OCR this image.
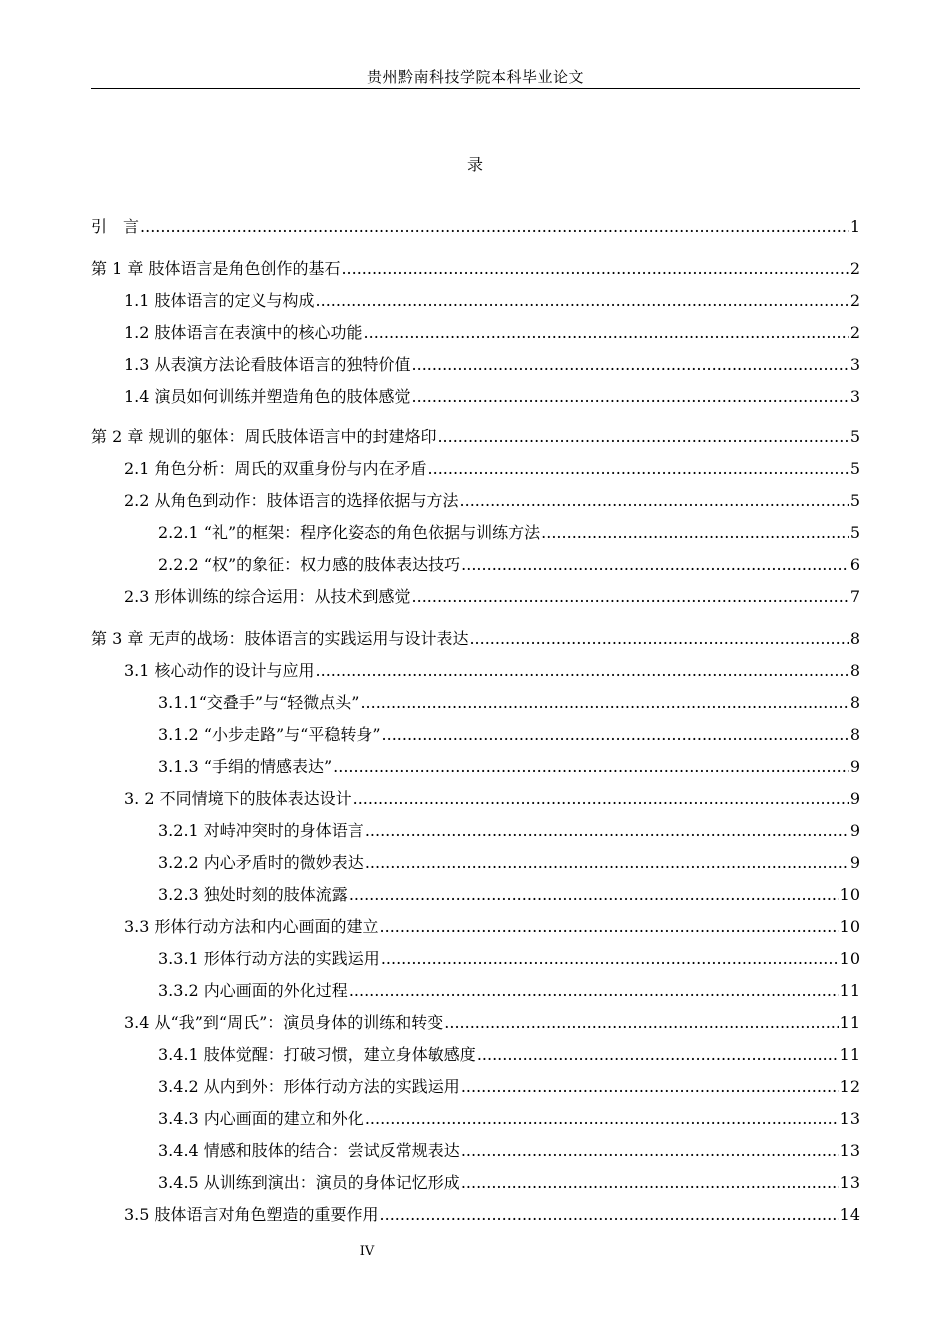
贵州黔南科技学院本科毕业论文
录
引　言 .....	1
第 1 章 肢体语言是角色创作的基石 .....	2
1.1 肢体语言的定义与构成 .....	2
1.2 肢体语言在表演中的核心功能 .....	2
1.3 从表演方法论看肢体语言的独特价值 .....	3
1.4 演员如何训练并塑造角色的肢体感觉 .....	3
第 2 章 规训的躯体：周氏肢体语言中的封建烙印 .....	5
2.1 角色分析：周氏的双重身份与内在矛盾 .....	5
2.2 从角色到动作：肢体语言的选择依据与方法 .....	5
2.2.1 “礼”的框架：程序化姿态的角色依据与训练方法 .....	5
2.2.2 “权”的象征：权力感的肢体表达技巧 .....	6
2.3 形体训练的综合运用：从技术到感觉 .....	7
第 3 章 无声的战场：肢体语言的实践运用与设计表达 .....	8
3.1 核心动作的设计与应用 .....	8
3.1.1“交叠手”与“轻微点头” .....	8
3.1.2 “小步走路”与“平稳转身” .....	8
3.1.3 “手绢的情感表达” .....	9
3. 2 不同情境下的肢体表达设计 .....	9
3.2.1 对峙冲突时的身体语言 .....	9
3.2.2 内心矛盾时的微妙表达 .....	9
3.2.3 独处时刻的肢体流露 .....	10
3.3 形体行动方法和内心画面的建立 .....	10
3.3.1 形体行动方法的实践运用 .....	10
3.3.2 内心画面的外化过程 .....	11
3.4 从“我”到“周氏”：演员身体的训练和转变 .....	11
3.4.1 肢体觉醒：打破习惯，建立身体敏感度 .....	11
3.4.2 从内到外：形体行动方法的实践运用 .....	12
3.4.3 内心画面的建立和外化 .....	13
3.4.4 情感和肢体的结合：尝试反常规表达 .....	13
3.4.5 从训练到演出：演员的身体记忆形成 .....	13
3.5 肢体语言对角色塑造的重要作用 .....	14
IV
